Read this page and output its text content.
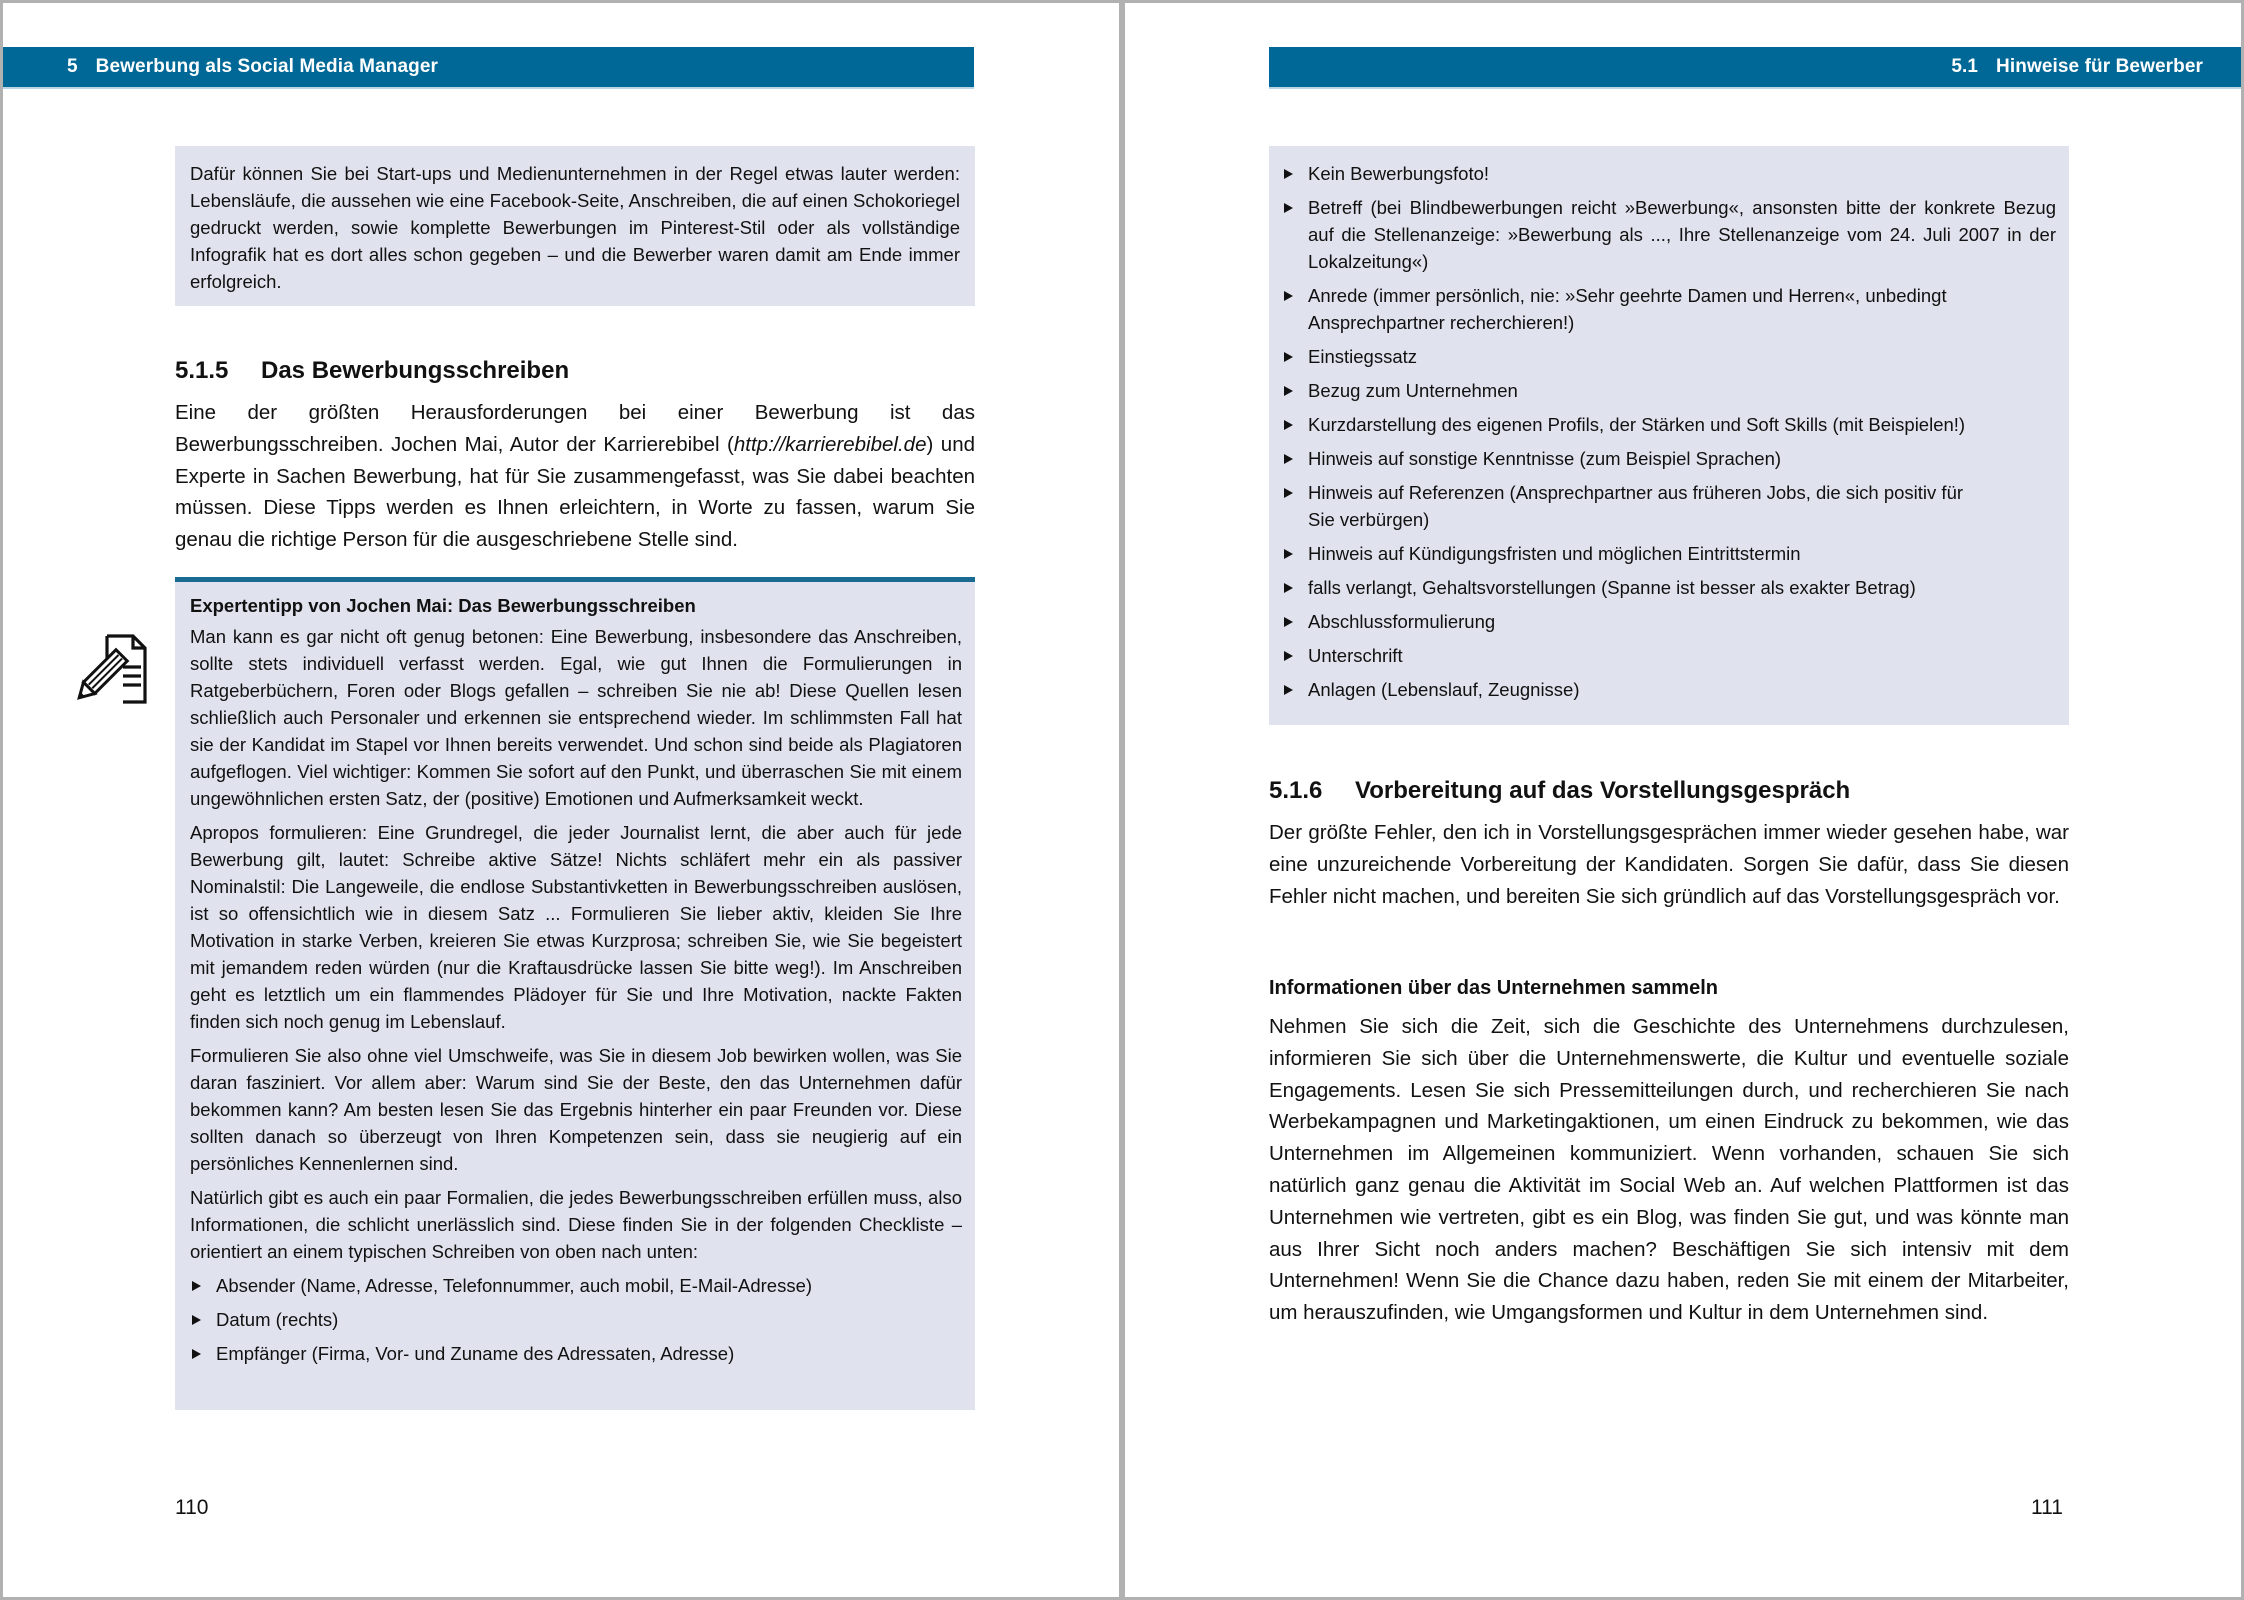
5 Bewerbung als Social Media Manager

Dafür können Sie bei Start-ups und Medienunternehmen in der Regel etwas lauter werden: Lebensläufe, die aussehen wie eine Facebook-Seite, Anschreiben, die auf einen Schokoriegel gedruckt werden, sowie komplette Bewerbungen im Pinterest-Stil oder als vollständige Infografik hat es dort alles schon gegeben – und die Bewerber waren damit am Ende immer erfolgreich.

5.1.5 Das Bewerbungsschreiben

Eine der größten Herausforderungen bei einer Bewerbung ist das Bewerbungsschreiben. Jochen Mai, Autor der Karrierebibel (http://karrierebibel.de) und Experte in Sachen Bewerbung, hat für Sie zusammengefasst, was Sie dabei beachten müssen. Diese Tipps werden es Ihnen erleichtern, in Worte zu fassen, warum Sie genau die richtige Person für die ausgeschriebene Stelle sind.

Expertentipp von Jochen Mai: Das Bewerbungsschreiben

Man kann es gar nicht oft genug betonen: Eine Bewerbung, insbesondere das Anschreiben, sollte stets individuell verfasst werden. Egal, wie gut Ihnen die Formulierungen in Ratgeberbüchern, Foren oder Blogs gefallen – schreiben Sie nie ab! Diese Quellen lesen schließlich auch Personaler und erkennen sie entsprechend wieder. Im schlimmsten Fall hat sie der Kandidat im Stapel vor Ihnen bereits verwendet. Und schon sind beide als Plagiatoren aufgeflogen. Viel wichtiger: Kommen Sie sofort auf den Punkt, und überraschen Sie mit einem ungewöhnlichen ersten Satz, der (positive) Emotionen und Aufmerksamkeit weckt.

Apropos formulieren: Eine Grundregel, die jeder Journalist lernt, die aber auch für jede Bewerbung gilt, lautet: Schreibe aktive Sätze! Nichts schläfert mehr ein als passiver Nominalstil: Die Langeweile, die endlose Substantivketten in Bewerbungsschreiben auslösen, ist so offensichtlich wie in diesem Satz ... Formulieren Sie lieber aktiv, kleiden Sie Ihre Motivation in starke Verben, kreieren Sie etwas Kurzprosa; schreiben Sie, wie Sie begeistert mit jemandem reden würden (nur die Kraftausdrücke lassen Sie bitte weg!). Im Anschreiben geht es letztlich um ein flammendes Plädoyer für Sie und Ihre Motivation, nackte Fakten finden sich noch genug im Lebenslauf.

Formulieren Sie also ohne viel Umschweife, was Sie in diesem Job bewirken wollen, was Sie daran fasziniert. Vor allem aber: Warum sind Sie der Beste, den das Unternehmen dafür bekommen kann? Am besten lesen Sie das Ergebnis hinterher ein paar Freunden vor. Diese sollten danach so überzeugt von Ihren Kompetenzen sein, dass sie neugierig auf ein persönliches Kennenlernen sind.

Natürlich gibt es auch ein paar Formalien, die jedes Bewerbungsschreiben erfüllen muss, also Informationen, die schlicht unerlässlich sind. Diese finden Sie in der folgenden Checkliste – orientiert an einem typischen Schreiben von oben nach unten:

Absender (Name, Adresse, Telefonnummer, auch mobil, E-Mail-Adresse)
Datum (rechts)
Empfänger (Firma, Vor- und Zuname des Adressaten, Adresse)
110
5.1 Hinweise für Bewerber
Kein Bewerbungsfoto!
Betreff (bei Blindbewerbungen reicht »Bewerbung«, ansonsten bitte der konkrete Bezug auf die Stellenanzeige: »Bewerbung als ..., Ihre Stellenanzeige vom 24. Juli 2007 in der Lokalzeitung«)
Anrede (immer persönlich, nie: »Sehr geehrte Damen und Herren«, unbedingt Ansprechpartner recherchieren!)
Einstiegssatz
Bezug zum Unternehmen
Kurzdarstellung des eigenen Profils, der Stärken und Soft Skills (mit Beispielen!)
Hinweis auf sonstige Kenntnisse (zum Beispiel Sprachen)
Hinweis auf Referenzen (Ansprechpartner aus früheren Jobs, die sich positiv für Sie verbürgen)
Hinweis auf Kündigungsfristen und möglichen Eintrittstermin
falls verlangt, Gehaltsvorstellungen (Spanne ist besser als exakter Betrag)
Abschlussformulierung
Unterschrift
Anlagen (Lebenslauf, Zeugnisse)
5.1.6 Vorbereitung auf das Vorstellungsgespräch

Der größte Fehler, den ich in Vorstellungsgesprächen immer wieder gesehen habe, war eine unzureichende Vorbereitung der Kandidaten. Sorgen Sie dafür, dass Sie diesen Fehler nicht machen, und bereiten Sie sich gründlich auf das Vorstellungsgespräch vor.

Informationen über das Unternehmen sammeln

Nehmen Sie sich die Zeit, sich die Geschichte des Unternehmens durchzulesen, informieren Sie sich über die Unternehmenswerte, die Kultur und eventuelle soziale Engagements. Lesen Sie sich Pressemitteilungen durch, und recherchieren Sie nach Werbekampagnen und Marketingaktionen, um einen Eindruck zu bekommen, wie das Unternehmen im Allgemeinen kommuniziert. Wenn vorhanden, schauen Sie sich natürlich ganz genau die Aktivität im Social Web an. Auf welchen Plattformen ist das Unternehmen wie vertreten, gibt es ein Blog, was finden Sie gut, und was könnte man aus Ihrer Sicht noch anders machen? Beschäftigen Sie sich intensiv mit dem Unternehmen! Wenn Sie die Chance dazu haben, reden Sie mit einem der Mitarbeiter, um herauszufinden, wie Umgangsformen und Kultur in dem Unternehmen sind.

111
